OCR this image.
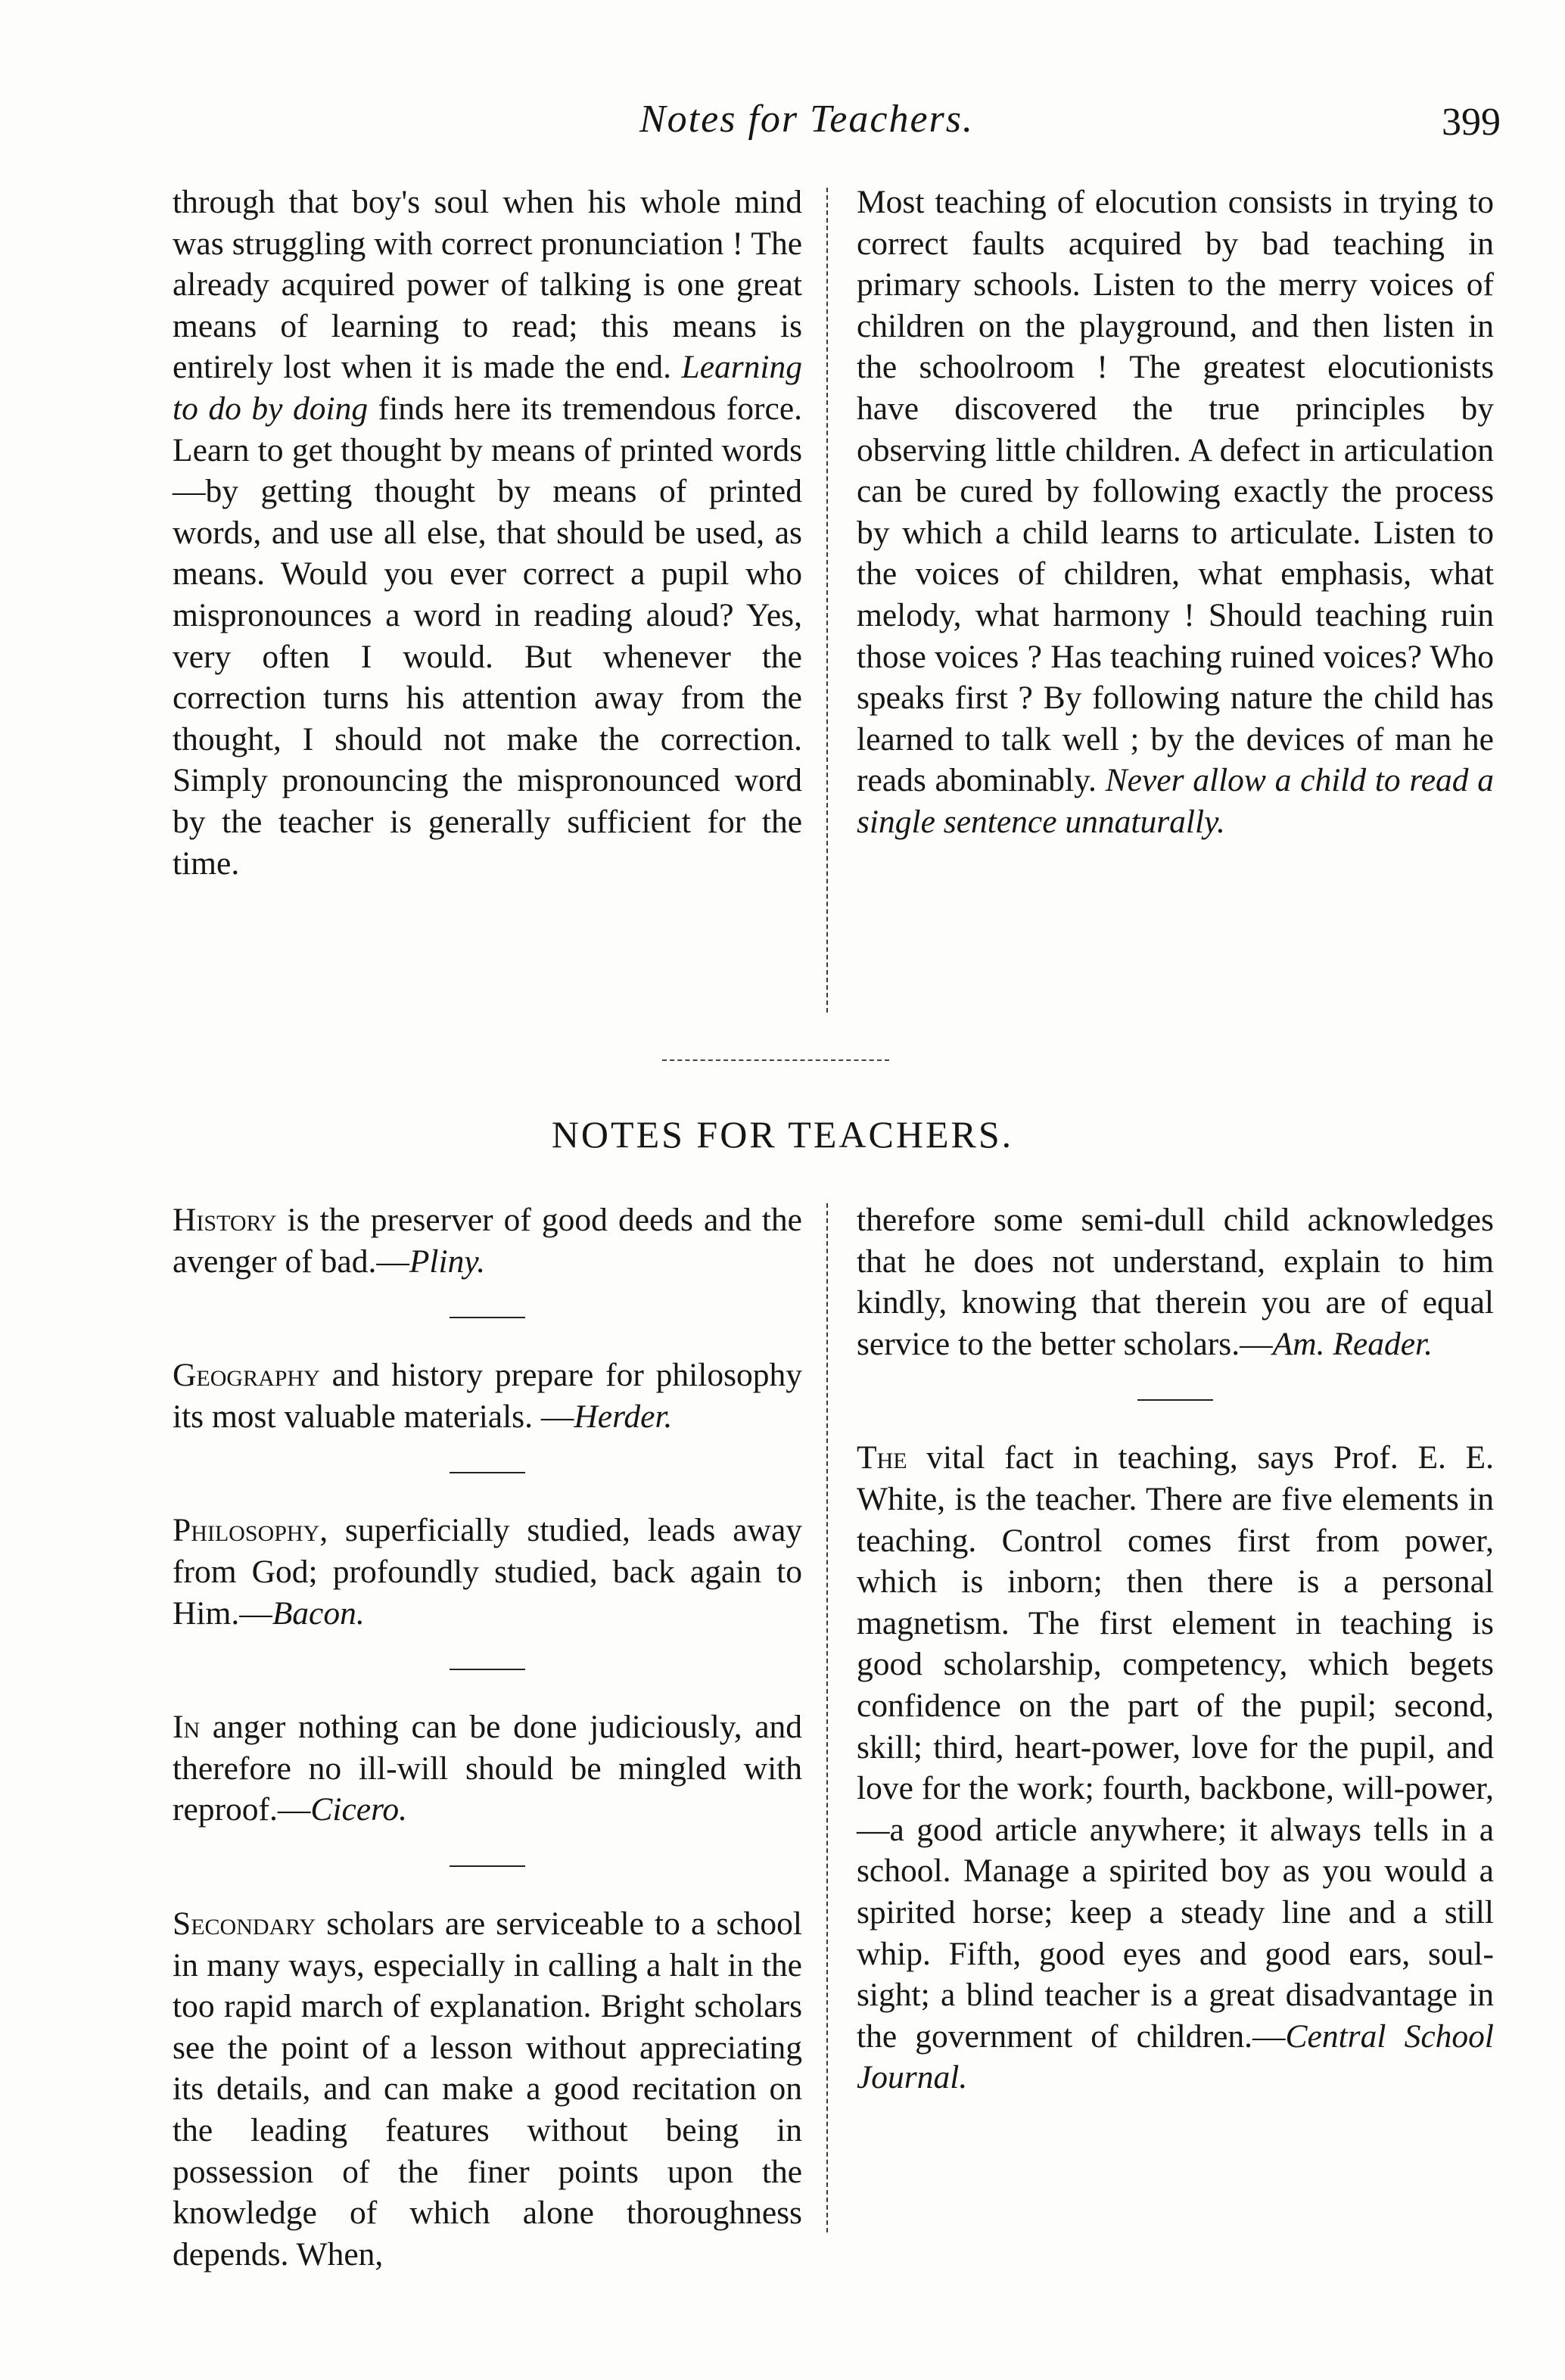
Notes for Teachers.	399

through that boy's soul when his whole mind was struggling with correct pronunciation ! The already acquired power of talking is one great means of learning to read; this means is entirely lost when it is made the end. Learning to do by doing finds here its tremendous force. Learn to get thought by means of printed words —by getting thought by means of printed words, and use all else, that should be used, as means. Would you ever correct a pupil who mispronounces a word in reading aloud? Yes, very often I would. But whenever the correction turns his attention away from the thought, I should not make the correction. Simply pronouncing the mispronounced word by the teacher is generally sufficient for the time.

Most teaching of elocution consists in trying to correct faults acquired by bad teaching in primary schools. Listen to the merry voices of children on the playground, and then listen in the schoolroom ! The greatest elocutionists have discovered the true principles by observing little children. A defect in articulation can be cured by following exactly the process by which a child learns to articulate. Listen to the voices of children, what emphasis, what melody, what harmony ! Should teaching ruin those voices ? Has teaching ruined voices? Who speaks first ? By following nature the child has learned to talk well ; by the devices of man he reads abominably. Never allow a child to read a single sentence unnaturally.

NOTES FOR TEACHERS.

History is the preserver of good deeds and the avenger of bad.—Pliny.

Geography and history prepare for philosophy its most valuable materials. —Herder.

Philosophy, superficially studied, leads away from God; profoundly studied, back again to Him.—Bacon.

In anger nothing can be done judiciously, and therefore no ill-will should be mingled with reproof.—Cicero.

Secondary scholars are serviceable to a school in many ways, especially in calling a halt in the too rapid march of explanation. Bright scholars see the point of a lesson without appreciating its details, and can make a good recitation on the leading features without being in possession of the finer points upon the knowledge of which alone thoroughness depends. When,

therefore some semi-dull child acknowledges that he does not understand, explain to him kindly, knowing that therein you are of equal service to the better scholars.—Am. Reader.

The vital fact in teaching, says Prof. E. E. White, is the teacher. There are five elements in teaching. Control comes first from power, which is inborn; then there is a personal magnetism. The first element in teaching is good scholarship, competency, which begets confidence on the part of the pupil; second, skill; third, heart-power, love for the pupil, and love for the work; fourth, backbone, will-power,—a good article anywhere; it always tells in a school. Manage a spirited boy as you would a spirited horse; keep a steady line and a still whip. Fifth, good eyes and good ears, soul-sight; a blind teacher is a great disadvantage in the government of children.—Central School Journal.
